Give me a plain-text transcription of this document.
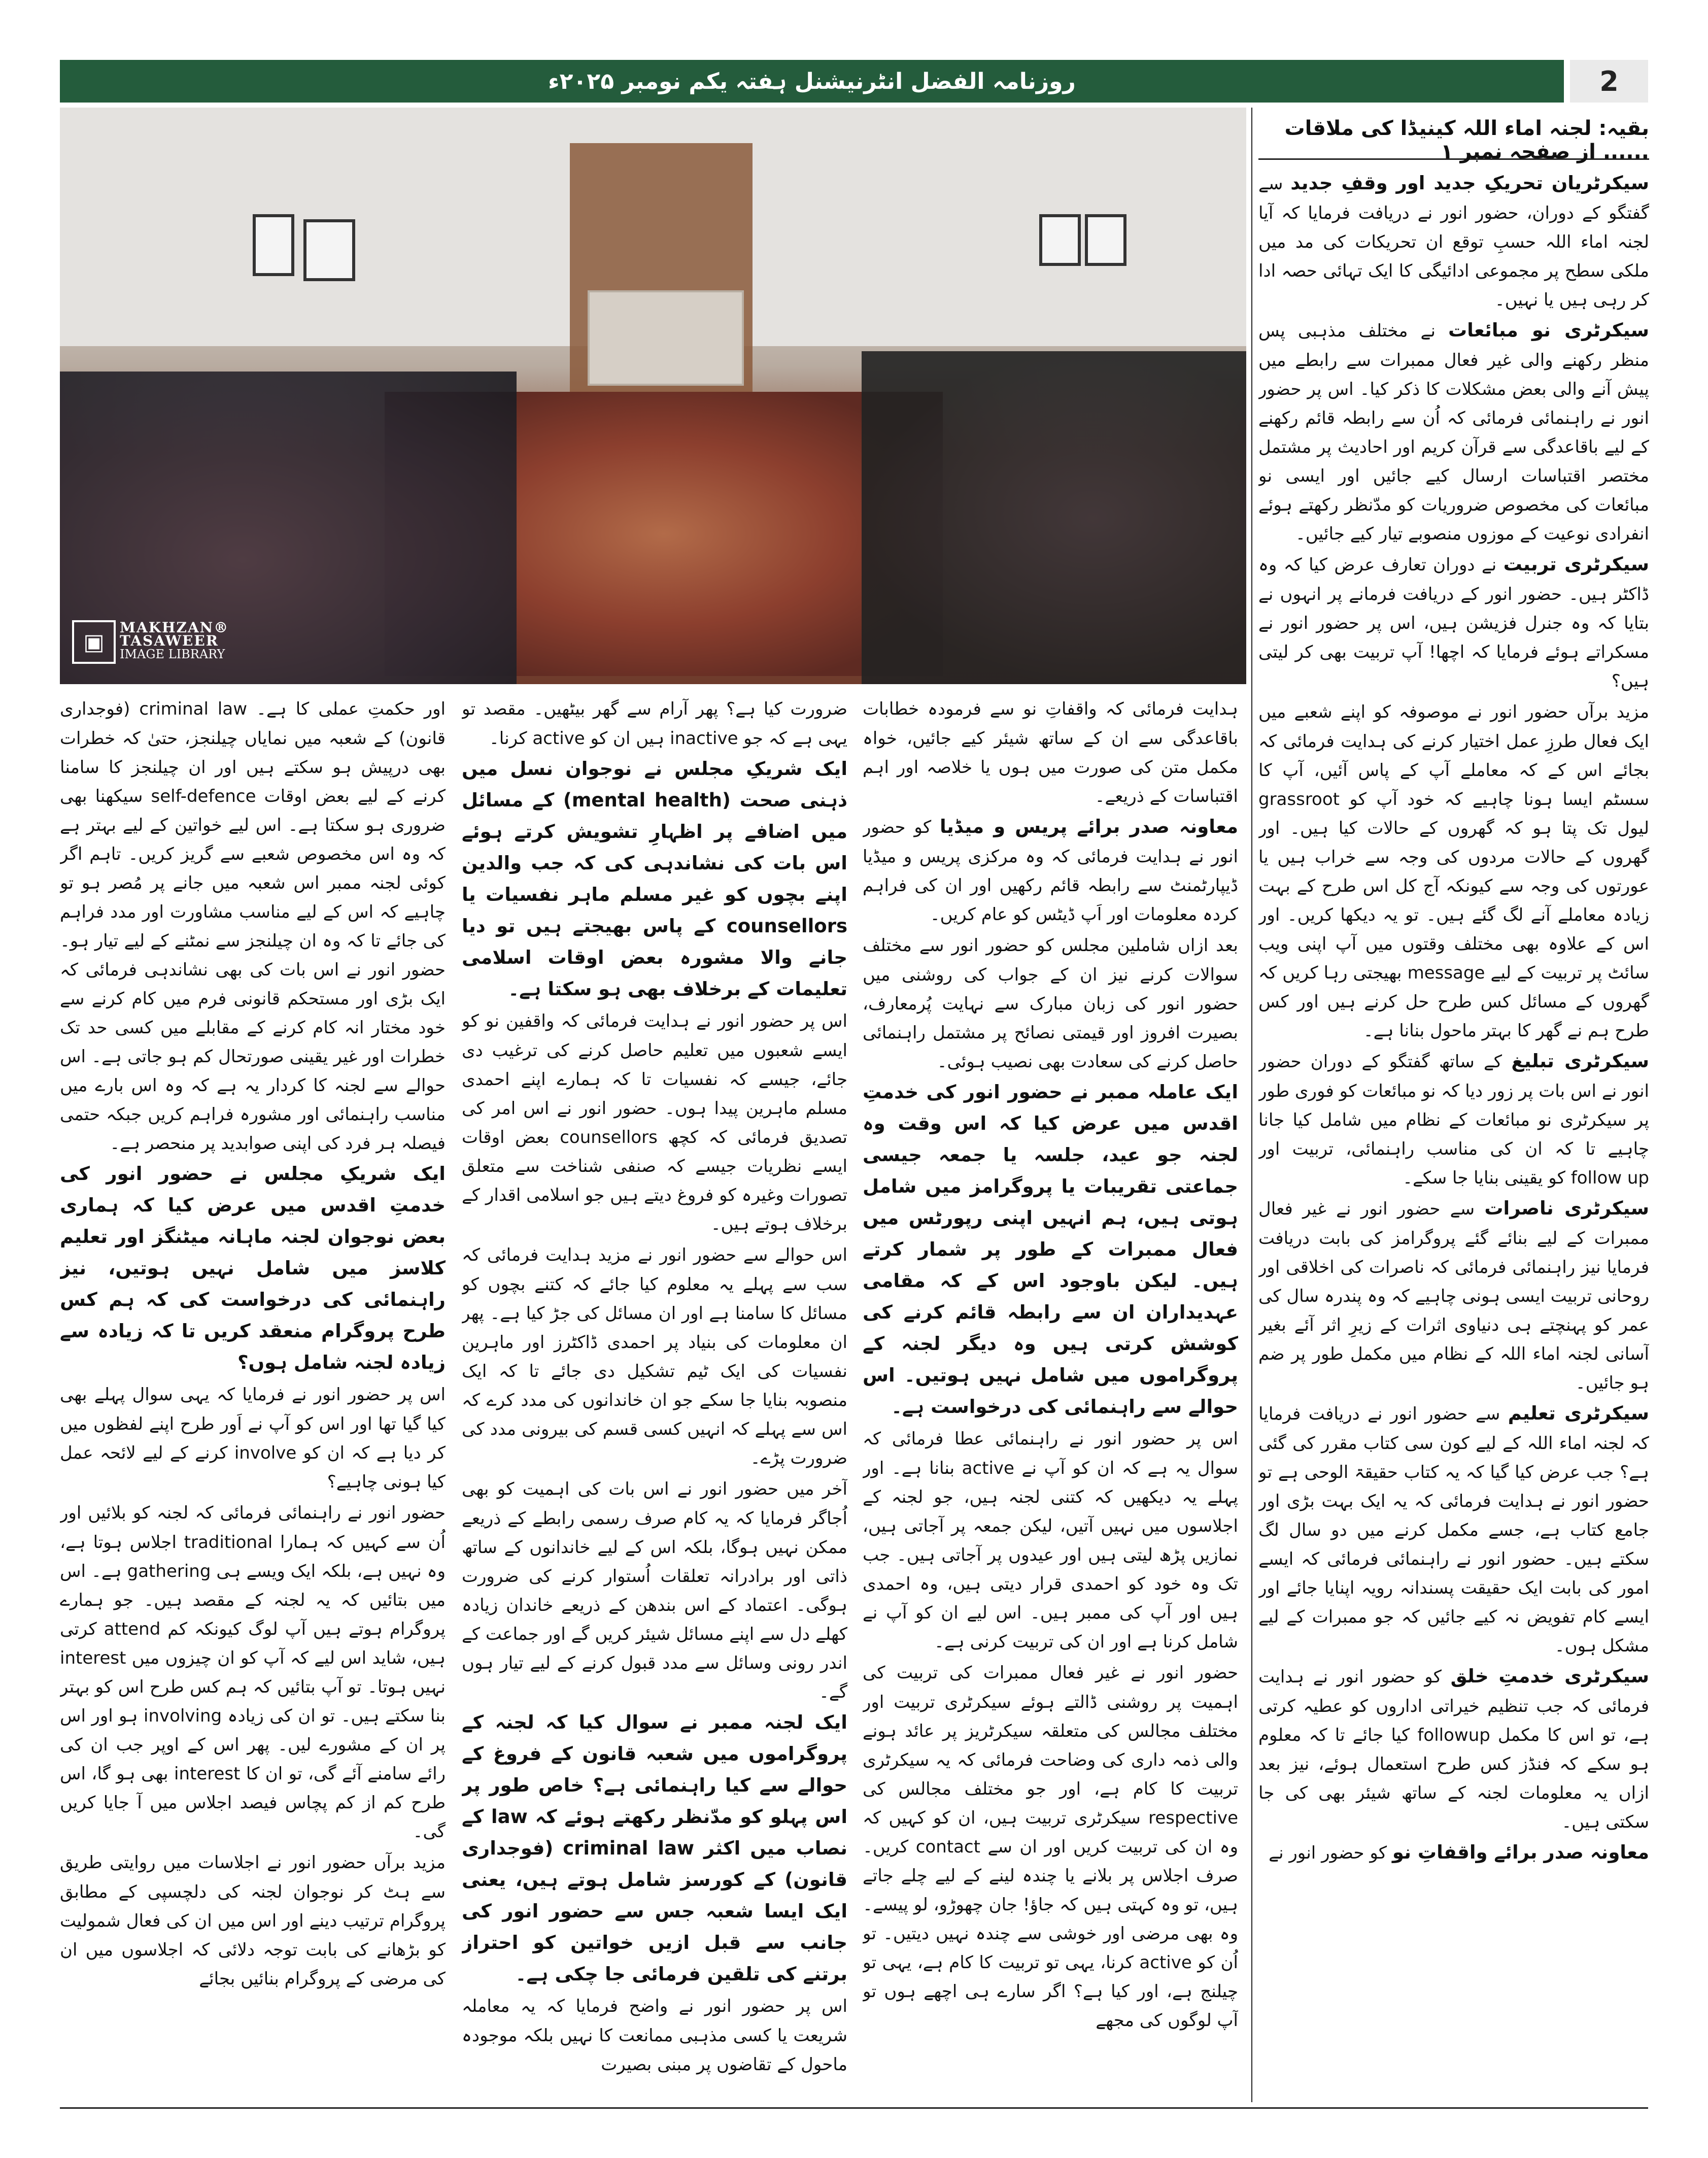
روزنامہ الفضل انٹرنیشنل ہفتہ یکم نومبر ۲۰۲۵ء	2
▣
MAKHZAN®
TASAWEER
IMAGE LIBRARY
بقیہ: لجنہ اماء اللہ کینیڈا کی ملاقات ...... از صفحہ نمبر ۱

سیکرٹریان تحریکِ جدید اور وقفِ جدید سے گفتگو کے دوران، حضور انور نے دریافت فرمایا کہ آیا لجنہ اماء اللہ حسبِ توقع ان تحریکات کی مد میں ملکی سطح پر مجموعی ادائیگی کا ایک تہائی حصہ ادا کر رہی ہیں یا نہیں۔

سیکرٹری نو مبائعات نے مختلف مذہبی پس منظر رکھنے والی غیر فعال ممبرات سے رابطے میں پیش آنے والی بعض مشکلات کا ذکر کیا۔ اس پر حضور انور نے راہنمائی فرمائی کہ اُن سے رابطہ قائم رکھنے کے لیے باقاعدگی سے قرآن کریم اور احادیث پر مشتمل مختصر اقتباسات ارسال کیے جائیں اور ایسی نو مبائعات کی مخصوص ضروریات کو مدّنظر رکھتے ہوئے انفرادی نوعیت کے موزوں منصوبے تیار کیے جائیں۔

سیکرٹری تربیت نے دوران تعارف عرض کیا کہ وہ ڈاکٹر ہیں۔ حضور انور کے دریافت فرمانے پر انہوں نے بتایا کہ وہ جنرل فزیشن ہیں، اس پر حضور انور نے مسکراتے ہوئے فرمایا کہ اچھا! آپ تربیت بھی کر لیتی ہیں؟

مزید برآں حضور انور نے موصوفہ کو اپنے شعبے میں ایک فعال طرزِ عمل اختیار کرنے کی ہدایت فرمائی کہ بجائے اس کے کہ معاملے آپ کے پاس آئیں، آپ کا سسٹم ایسا ہونا چاہیے کہ خود آپ کو grassroot لیول تک پتا ہو کہ گھروں کے حالات کیا ہیں۔ اور گھروں کے حالات مردوں کی وجہ سے خراب ہیں یا عورتوں کی وجہ سے کیونکہ آج کل اس طرح کے بہت زیادہ معاملے آنے لگ گئے ہیں۔ تو یہ دیکھا کریں۔ اور اس کے علاوہ بھی مختلف وقتوں میں آپ اپنی ویب سائٹ پر تربیت کے لیے message بھیجتی رہا کریں کہ گھروں کے مسائل کس طرح حل کرنے ہیں اور کس طرح ہم نے گھر کا بہتر ماحول بنانا ہے۔

سیکرٹری تبلیغ کے ساتھ گفتگو کے دوران حضور انور نے اس بات پر زور دیا کہ نو مبائعات کو فوری طور پر سیکرٹری نو مبائعات کے نظام میں شامل کیا جانا چاہیے تا کہ ان کی مناسب راہنمائی، تربیت اور follow up کو یقینی بنایا جا سکے۔

سیکرٹری ناصرات سے حضور انور نے غیر فعال ممبرات کے لیے بنائے گئے پروگرامز کی بابت دریافت فرمایا نیز راہنمائی فرمائی کہ ناصرات کی اخلاقی اور روحانی تربیت ایسی ہونی چاہیے کہ وہ پندرہ سال کی عمر کو پہنچتے ہی دنیاوی اثرات کے زیرِ اثر آئے بغیر آسانی لجنہ اماء اللہ کے نظام میں مکمل طور پر ضم ہو جائیں۔

سیکرٹری تعلیم سے حضور انور نے دریافت فرمایا کہ لجنہ اماء اللہ کے لیے کون سی کتاب مقرر کی گئی ہے؟ جب عرض کیا گیا کہ یہ کتاب حقیقۃ الوحی ہے تو حضور انور نے ہدایت فرمائی کہ یہ ایک بہت بڑی اور جامع کتاب ہے، جسے مکمل کرنے میں دو سال لگ سکتے ہیں۔ حضور انور نے راہنمائی فرمائی کہ ایسے امور کی بابت ایک حقیقت پسندانہ رویہ اپنایا جائے اور ایسے کام تفویض نہ کیے جائیں کہ جو ممبرات کے لیے مشکل ہوں۔

سیکرٹری خدمتِ خلق کو حضور انور نے ہدایت فرمائی کہ جب تنظیم خیراتی اداروں کو عطیہ کرتی ہے، تو اس کا مکمل followup کیا جائے تا کہ معلوم ہو سکے کہ فنڈز کس طرح استعمال ہوئے، نیز بعد ازاں یہ معلومات لجنہ کے ساتھ شیئر بھی کی جا سکتی ہیں۔

معاونہ صدر برائے واقفاتِ نو کو حضور انور نے

ہدایت فرمائی کہ واقفاتِ نو سے فرمودہ خطابات باقاعدگی سے ان کے ساتھ شیئر کیے جائیں، خواہ مکمل متن کی صورت میں ہوں یا خلاصہ اور اہم اقتباسات کے ذریعے۔

معاونہ صدر برائے پریس و میڈیا کو حضور انور نے ہدایت فرمائی کہ وہ مرکزی پریس و میڈیا ڈیپارٹمنٹ سے رابطہ قائم رکھیں اور ان کی فراہم کردہ معلومات اور اَپ ڈیٹس کو عام کریں۔

بعد ازاں شاملین مجلس کو حضور انور سے مختلف سوالات کرنے نیز ان کے جواب کی روشنی میں حضور انور کی زبان مبارک سے نہایت پُرمعارف، بصیرت افروز اور قیمتی نصائح پر مشتمل راہنمائی حاصل کرنے کی سعادت بھی نصیب ہوئی۔

ایک عاملہ ممبر نے حضور انور کی خدمتِ اقدس میں عرض کیا کہ اس وقت وہ لجنہ جو عید، جلسہ یا جمعہ جیسی جماعتی تقریبات یا پروگرامز میں شامل ہوتی ہیں، ہم انہیں اپنی رپورٹس میں فعال ممبرات کے طور پر شمار کرتے ہیں۔ لیکن باوجود اس کے کہ مقامی عہدیداران ان سے رابطہ قائم کرنے کی کوشش کرتی ہیں وہ دیگر لجنہ کے پروگراموں میں شامل نہیں ہوتیں۔ اس حوالے سے راہنمائی کی درخواست ہے۔

اس پر حضور انور نے راہنمائی عطا فرمائی کہ سوال یہ ہے کہ ان کو آپ نے active بنانا ہے۔ اور پہلے یہ دیکھیں کہ کتنی لجنہ ہیں، جو لجنہ کے اجلاسوں میں نہیں آتیں، لیکن جمعہ پر آجاتی ہیں، نمازیں پڑھ لیتی ہیں اور عیدوں پر آجاتی ہیں۔ جب تک وہ خود کو احمدی قرار دیتی ہیں، وہ احمدی ہیں اور آپ کی ممبر ہیں۔ اس لیے ان کو آپ نے شامل کرنا ہے اور ان کی تربیت کرنی ہے۔

حضور انور نے غیر فعال ممبرات کی تربیت کی اہمیت پر روشنی ڈالتے ہوئے سیکرٹری تربیت اور مختلف مجالس کی متعلقہ سیکرٹریز پر عائد ہونے والی ذمہ داری کی وضاحت فرمائی کہ یہ سیکرٹری تربیت کا کام ہے، اور جو مختلف مجالس کی respective سیکرٹری تربیت ہیں، ان کو کہیں کہ وہ ان کی تربیت کریں اور ان سے contact کریں۔ صرف اجلاس پر بلانے یا چندہ لینے کے لیے چلے جاتے ہیں، تو وہ کہتی ہیں کہ جاؤ! جان چھوڑو، لو پیسے۔ وہ بھی مرضی اور خوشی سے چندہ نہیں دیتیں۔ تو اُن کو active کرنا، یہی تو تربیت کا کام ہے، یہی تو چیلنج ہے، اور کیا ہے؟ اگر سارے ہی اچھے ہوں تو آپ لوگوں کی مجھے

ضرورت کیا ہے؟ پھر آرام سے گھر بیٹھیں۔ مقصد تو یہی ہے کہ جو inactive ہیں ان کو active کرنا۔

ایک شریکِ مجلس نے نوجوان نسل میں ذہنی صحت (mental health) کے مسائل میں اضافے پر اظہارِ تشویش کرتے ہوئے اس بات کی نشاندہی کی کہ جب والدین اپنے بچوں کو غیر مسلم ماہر نفسیات یا counsellors کے پاس بھیجتے ہیں تو دیا جانے والا مشورہ بعض اوقات اسلامی تعلیمات کے برخلاف بھی ہو سکتا ہے۔

اس پر حضور انور نے ہدایت فرمائی کہ واقفین نو کو ایسے شعبوں میں تعلیم حاصل کرنے کی ترغیب دی جائے، جیسے کہ نفسیات تا کہ ہمارے اپنے احمدی مسلم ماہرین پیدا ہوں۔ حضور انور نے اس امر کی تصدیق فرمائی کہ کچھ counsellors بعض اوقات ایسے نظریات جیسے کہ صنفی شناخت سے متعلق تصورات وغیرہ کو فروغ دیتے ہیں جو اسلامی اقدار کے برخلاف ہوتے ہیں۔

اس حوالے سے حضور انور نے مزید ہدایت فرمائی کہ سب سے پہلے یہ معلوم کیا جائے کہ کتنے بچوں کو مسائل کا سامنا ہے اور ان مسائل کی جڑ کیا ہے۔ پھر ان معلومات کی بنیاد پر احمدی ڈاکٹرز اور ماہرین نفسیات کی ایک ٹیم تشکیل دی جائے تا کہ ایک منصوبہ بنایا جا سکے جو ان خاندانوں کی مدد کرے کہ اس سے پہلے کہ انہیں کسی قسم کی بیرونی مدد کی ضرورت پڑے۔

آخر میں حضور انور نے اس بات کی اہمیت کو بھی اُجاگر فرمایا کہ یہ کام صرف رسمی رابطے کے ذریعے ممکن نہیں ہوگا، بلکہ اس کے لیے خاندانوں کے ساتھ ذاتی اور برادرانہ تعلقات اُستوار کرنے کی ضرورت ہوگی۔ اعتماد کے اس بندھن کے ذریعے خاندان زیادہ کھلے دل سے اپنے مسائل شیئر کریں گے اور جماعت کے اندر رونی وسائل سے مدد قبول کرنے کے لیے تیار ہوں گے۔

ایک لجنہ ممبر نے سوال کیا کہ لجنہ کے پروگراموں میں شعبہ قانون کے فروغ کے حوالے سے کیا راہنمائی ہے؟ خاص طور پر اس پہلو کو مدّنظر رکھتے ہوئے کہ law کے نصاب میں اکثر criminal law (فوجداری قانون) کے کورسز شامل ہوتے ہیں، یعنی ایک ایسا شعبہ جس سے حضور انور کی جانب سے قبل ازیں خواتین کو احتراز برتنے کی تلقین فرمائی جا چکی ہے۔

اس پر حضور انور نے واضح فرمایا کہ یہ معاملہ شریعت یا کسی مذہبی ممانعت کا نہیں بلکہ موجودہ ماحول کے تقاضوں پر مبنی بصیرت

اور حکمتِ عملی کا ہے۔ criminal law (فوجداری قانون) کے شعبہ میں نمایاں چیلنجز، حتیٰ کہ خطرات بھی درپیش ہو سکتے ہیں اور ان چیلنجز کا سامنا کرنے کے لیے بعض اوقات self-defence سیکھنا بھی ضروری ہو سکتا ہے۔ اس لیے خواتین کے لیے بہتر ہے کہ وہ اس مخصوص شعبے سے گریز کریں۔ تاہم اگر کوئی لجنہ ممبر اس شعبہ میں جانے پر مُصر ہو تو چاہیے کہ اس کے لیے مناسب مشاورت اور مدد فراہم کی جائے تا کہ وہ ان چیلنجز سے نمٹنے کے لیے تیار ہو۔ حضور انور نے اس بات کی بھی نشاندہی فرمائی کہ ایک بڑی اور مستحکم قانونی فرم میں کام کرنے سے خود مختار انہ کام کرنے کے مقابلے میں کسی حد تک خطرات اور غیر یقینی صورتحال کم ہو جاتی ہے۔ اس حوالے سے لجنہ کا کردار یہ ہے کہ وہ اس بارے میں مناسب راہنمائی اور مشورہ فراہم کریں جبکہ حتمی فیصلہ ہر فرد کی اپنی صوابدید پر منحصر ہے۔

ایک شریکِ مجلس نے حضور انور کی خدمتِ اقدس میں عرض کیا کہ ہماری بعض نوجوان لجنہ ماہانہ میٹنگز اور تعلیم کلاسز میں شامل نہیں ہوتیں، نیز راہنمائی کی درخواست کی کہ ہم کس طرح پروگرام منعقد کریں تا کہ زیادہ سے زیادہ لجنہ شامل ہوں؟

اس پر حضور انور نے فرمایا کہ یہی سوال پہلے بھی کیا گیا تھا اور اس کو آپ نے اَور طرح اپنے لفظوں میں کر دیا ہے کہ ان کو involve کرنے کے لیے لائحہ عمل کیا ہونی چاہیے؟

حضور انور نے راہنمائی فرمائی کہ لجنہ کو بلائیں اور اُن سے کہیں کہ ہمارا traditional اجلاس ہوتا ہے، وہ نہیں ہے، بلکہ ایک ویسے ہی gathering ہے۔ اس میں بتائیں کہ یہ لجنہ کے مقصد ہیں۔ جو ہمارے پروگرام ہوتے ہیں آپ لوگ کیونکہ کم attend کرتی ہیں، شاید اس لیے کہ آپ کو ان چیزوں میں interest نہیں ہوتا۔ تو آپ بتائیں کہ ہم کس طرح اس کو بہتر بنا سکتے ہیں۔ تو ان کی زیادہ involving ہو اور اس پر ان کے مشورے لیں۔ پھر اس کے اوپر جب ان کی رائے سامنے آئے گی، تو ان کا interest بھی ہو گا، اس طرح کم از کم پچاس فیصد اجلاس میں آ جایا کریں گی۔

مزید برآں حضور انور نے اجلاسات میں روایتی طریق سے ہٹ کر نوجوان لجنہ کی دلچسپی کے مطابق پروگرام ترتیب دینے اور اس میں ان کی فعال شمولیت کو بڑھانے کی بابت توجہ دلائی کہ اجلاسوں میں ان کی مرضی کے پروگرام بنائیں بجائے
